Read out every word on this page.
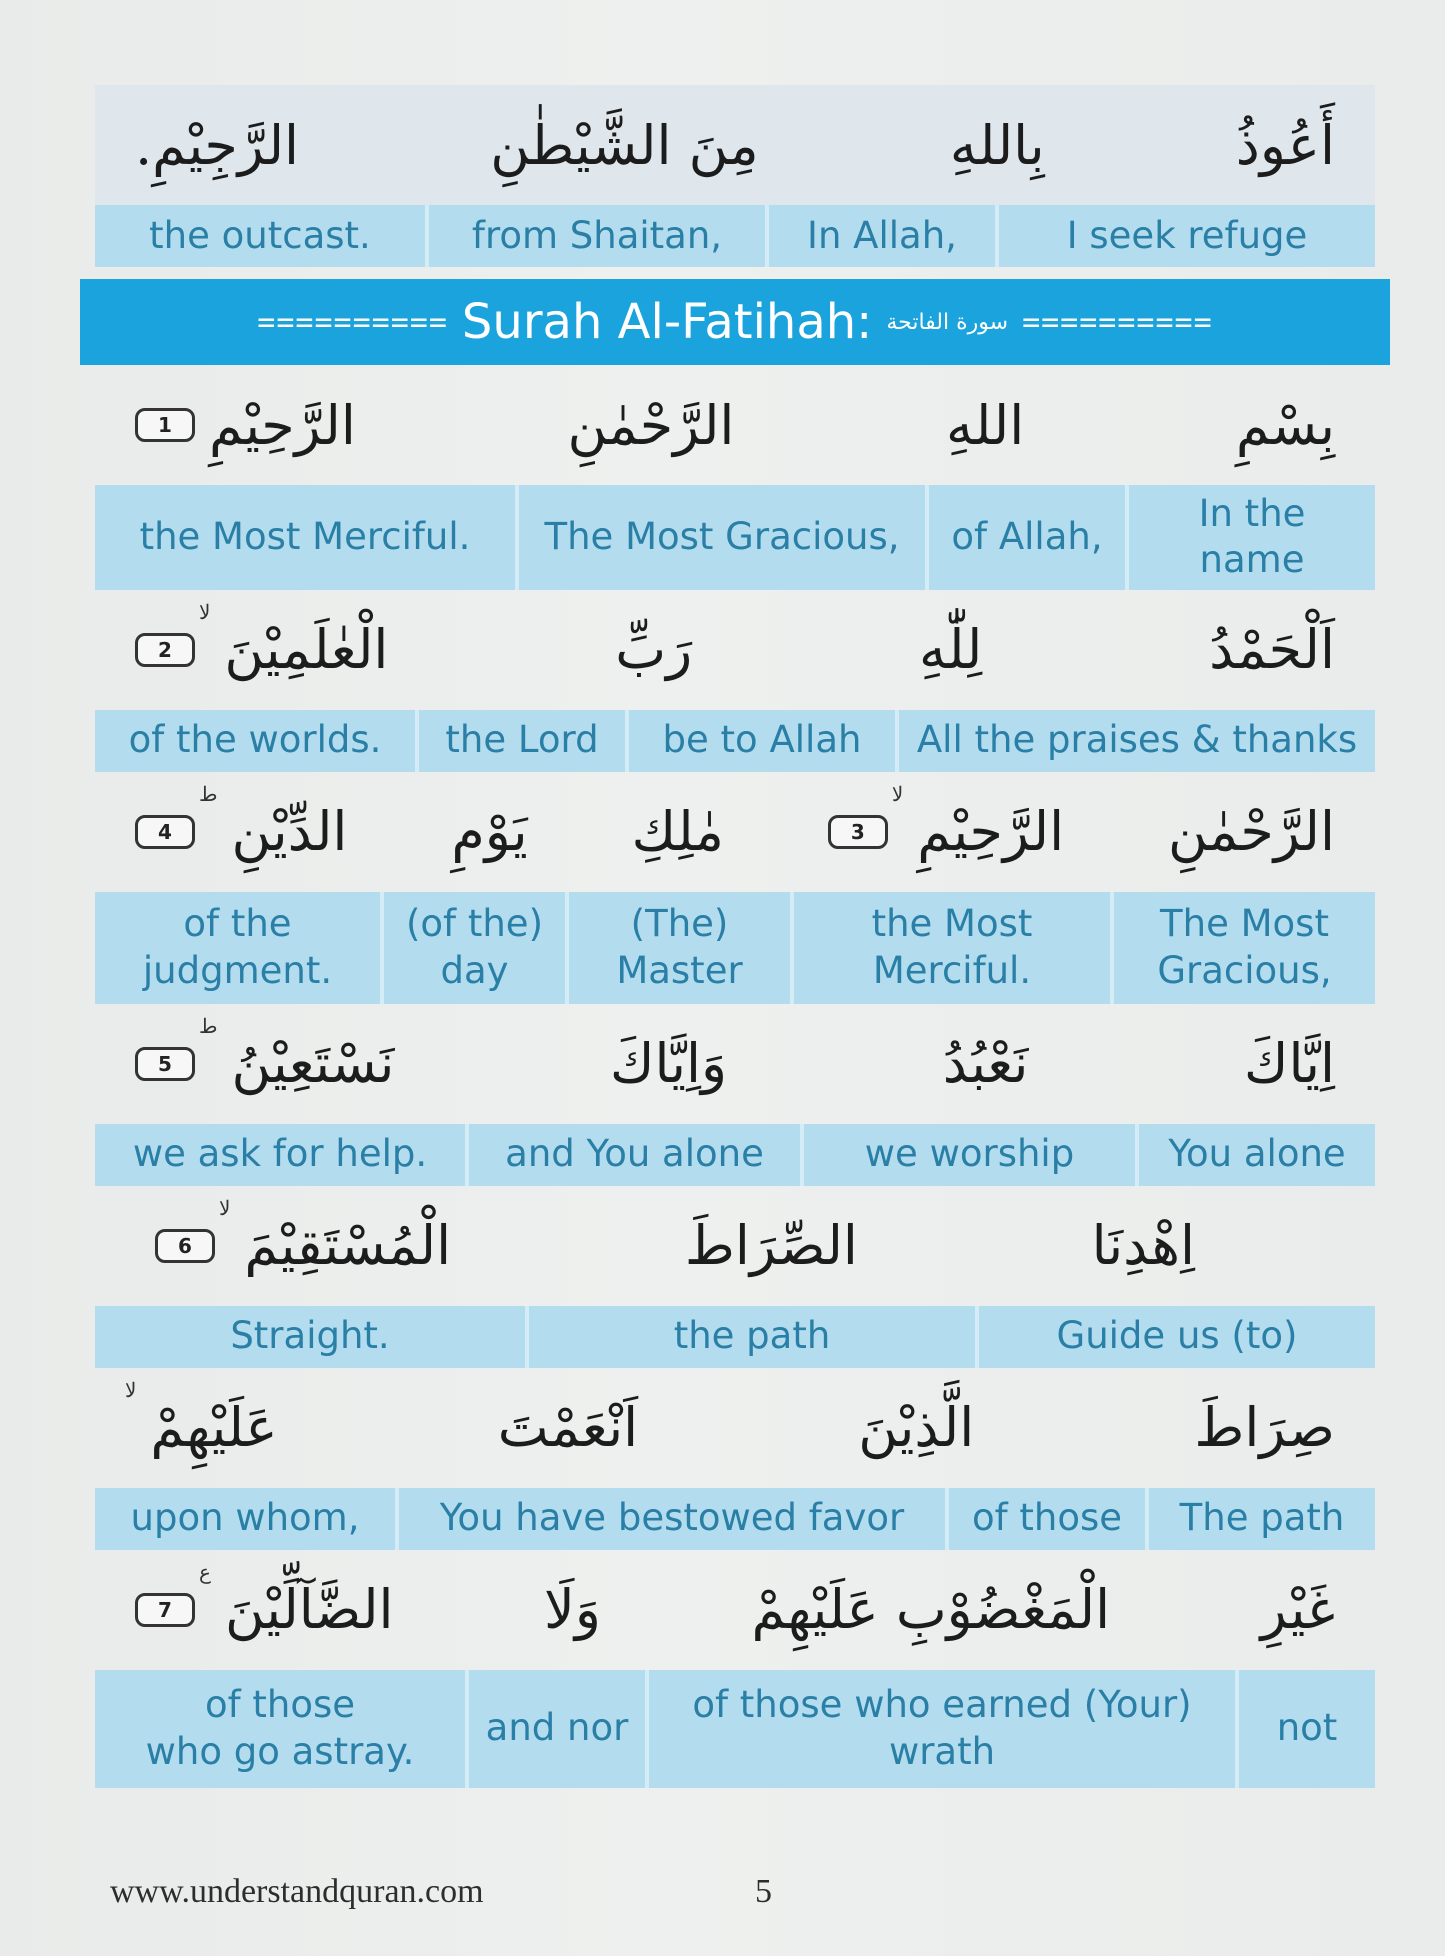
أَعُوذُ
بِاللهِ
مِنَ الشَّيْطٰنِ
الرَّجِيْمِ.
I seek refuge
In Allah,
from Shaitan,
the outcast.
========== Surah Al-Fatihah: سورة الفاتحة ==========
بِسْمِ
اللهِ
الرَّحْمٰنِ
الرَّحِيْمِ
1
In the name
of Allah,
The Most Gracious,
the Most Merciful.
اَلْحَمْدُ
لِلّٰهِ
رَبِّ
الْعٰلَمِيْنَ
لا
2
All the praises & thanks
be to Allah
the Lord
of the worlds.
الرَّحْمٰنِ
الرَّحِيْمِ
لا
3
مٰلِكِ
يَوْمِ
الدِّيْنِ
ط
4
The Most
Gracious,
the Most
Merciful.
(The)
Master
(of the)
day
of the
judgment.
اِيَّاكَ
نَعْبُدُ
وَاِيَّاكَ
نَسْتَعِيْنُ
ط
5
You alone
we worship
and You alone
we ask for help.
اِهْدِنَا
الصِّرَاطَ
الْمُسْتَقِيْمَ
لا
6
Guide us (to)
the path
Straight.
صِرَاطَ
الَّذِيْنَ
اَنْعَمْتَ
عَلَيْهِمْ
لا
The path
of those
You have bestowed favor
upon whom,
غَيْرِ
الْمَغْضُوْبِ عَلَيْهِمْ
وَلَا
الضَّآلِّيْنَ
ع
7
not
of those who earned (Your)
wrath
and nor
of those
who go astray.
www.understandquran.com	5
